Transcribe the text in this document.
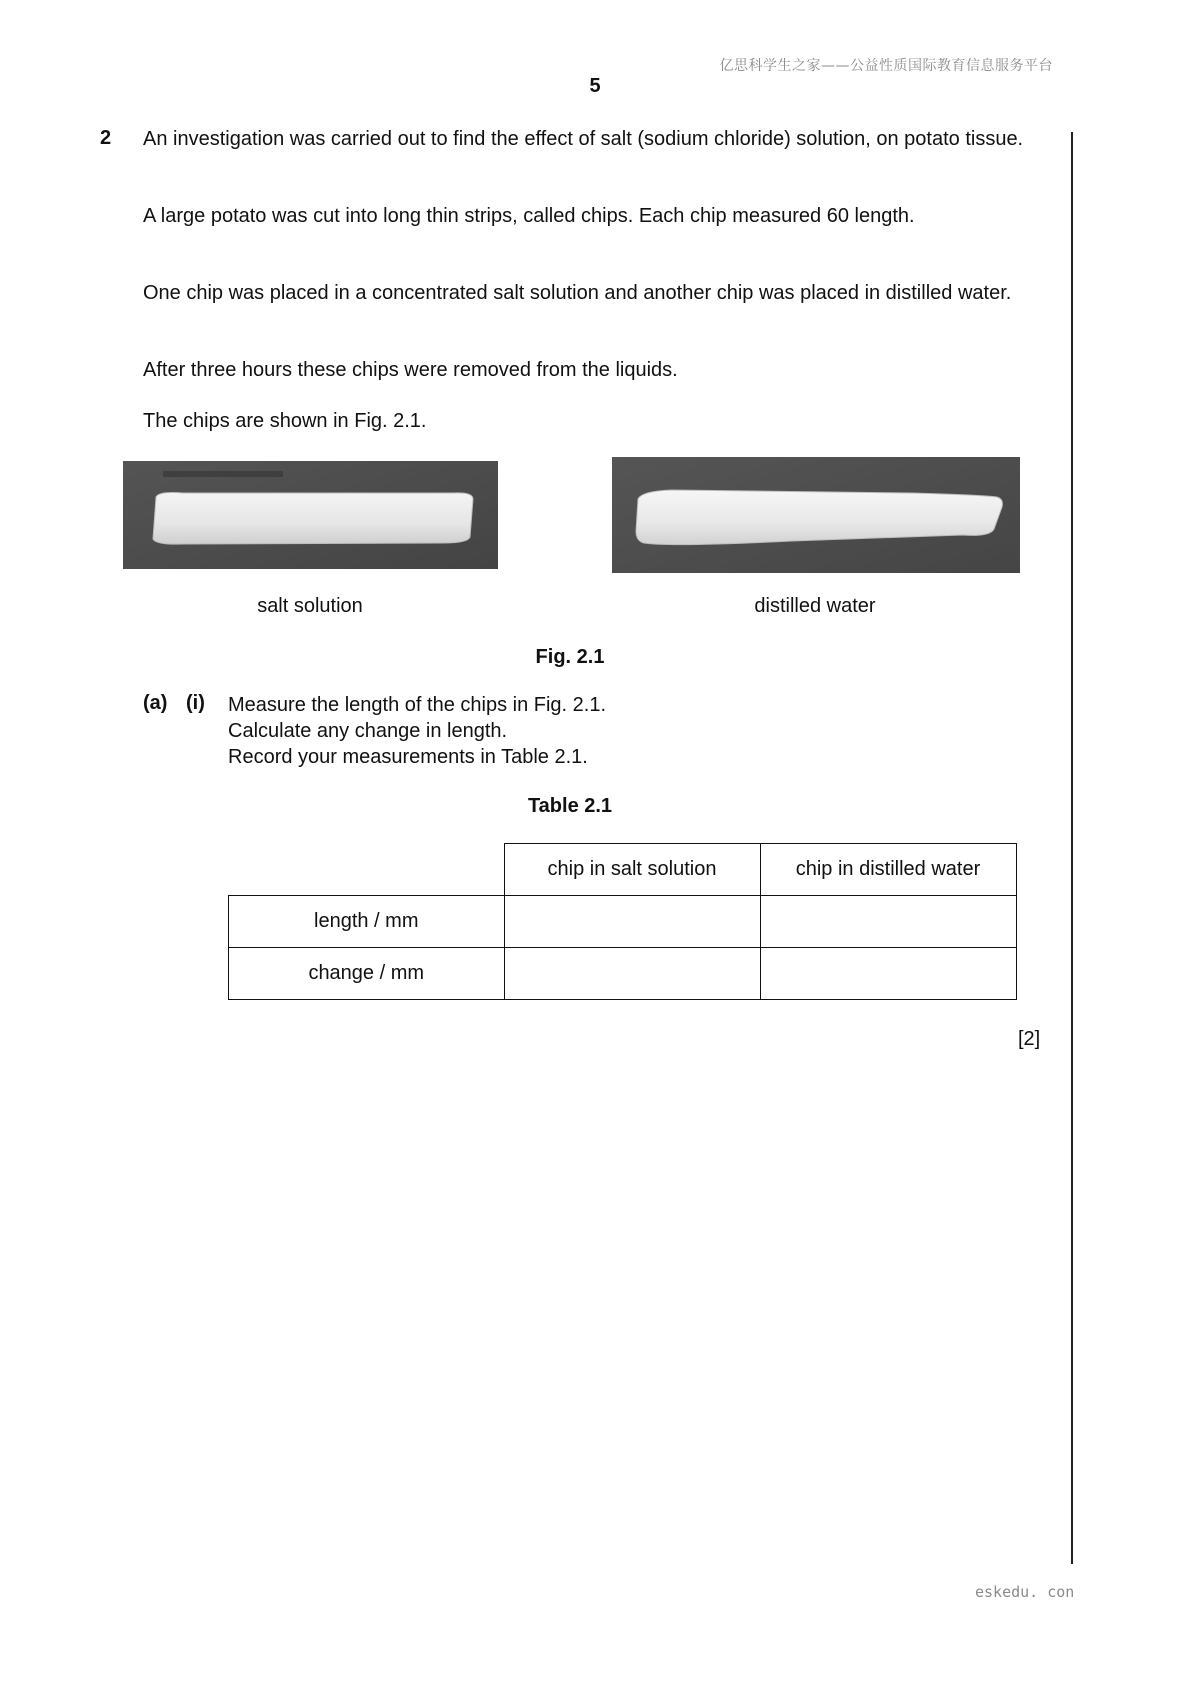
亿思科学生之家——公益性质国际教育信息服务平台
5
2 An investigation was carried out to find the effect of salt (sodium chloride) solution, on potato tissue.
A large potato was cut into long thin strips, called chips. Each chip measured 60 length.
One chip was placed in a concentrated salt solution and another chip was placed in distilled water.
After three hours these chips were removed from the liquids.
The chips are shown in Fig. 2.1.
salt solution	distilled water
Fig. 2.1
(a) (i) Measure the length of the chips in Fig. 2.1.
Calculate any change in length.
Record your measurements in Table 2.1.
Table 2.1
	chip in salt solution	chip in distilled water
length / mm		
change / mm		
[2]
eskedu. con
